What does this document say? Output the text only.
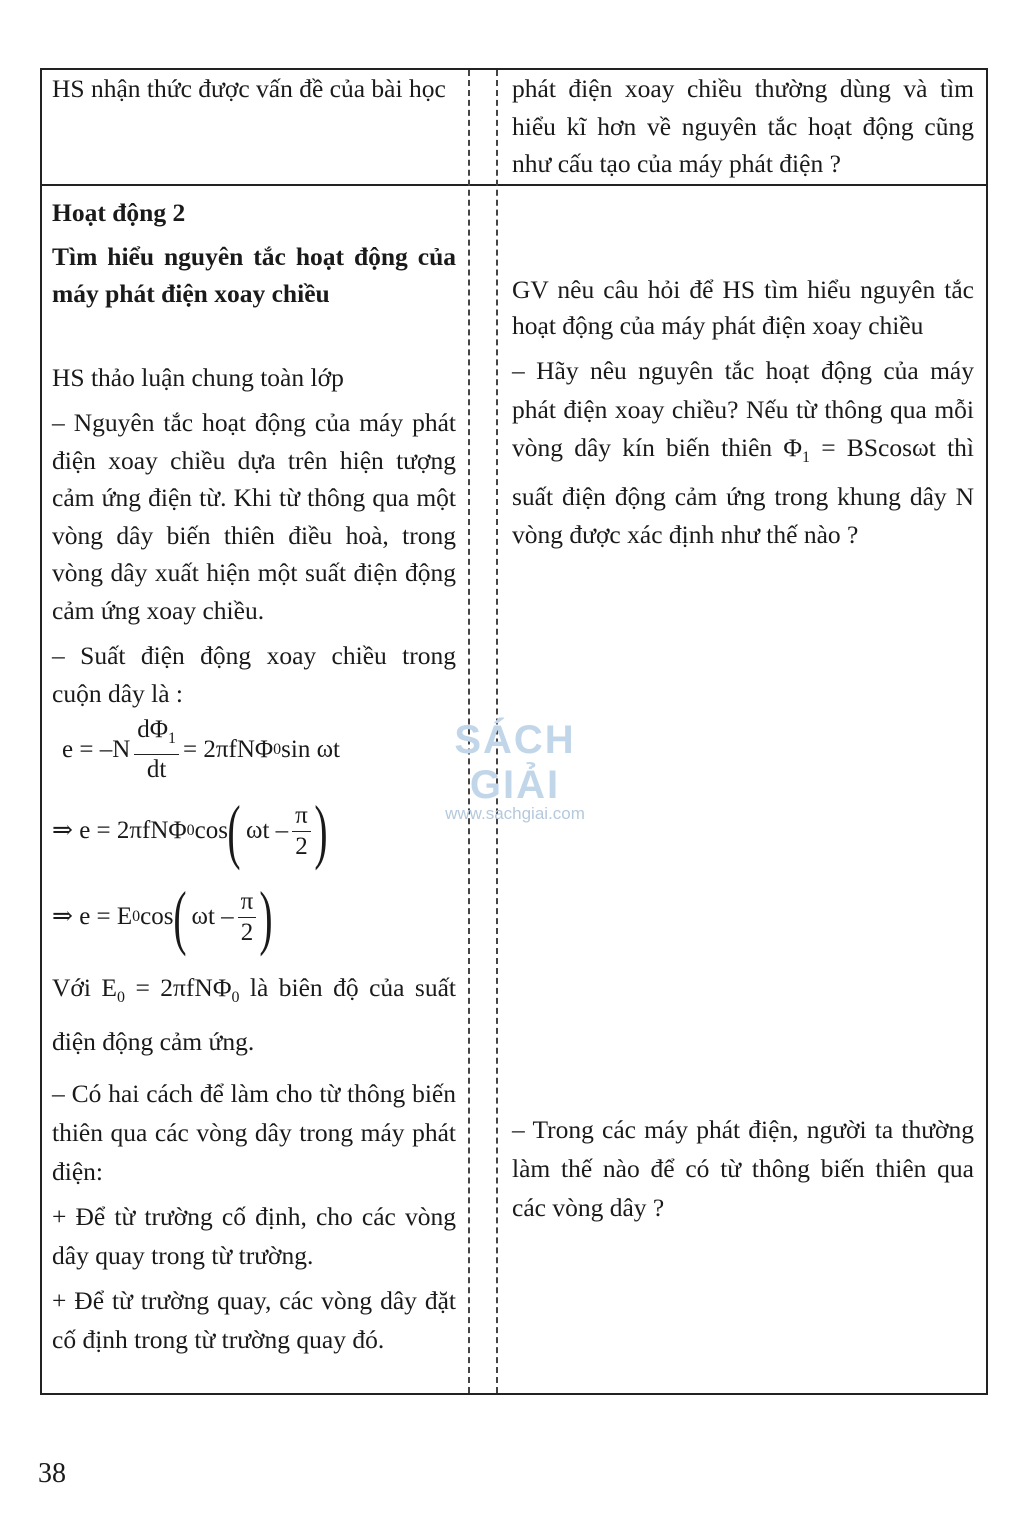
HS nhận thức được vấn đề của bài học	phát điện xoay chiều thường dùng và tìm hiểu kĩ hơn về nguyên tắc hoạt động cũng như cấu tạo của máy phát điện ?

Hoạt động 2

Tìm hiểu nguyên tắc hoạt động của máy phát điện xoay chiều

HS thảo luận chung toàn lớp

– Nguyên tắc hoạt động của máy phát điện xoay chiều dựa trên hiện tượng cảm ứng điện từ. Khi từ thông qua một vòng dây biến thiên điều hoà, trong vòng dây xuất hiện một suất điện động cảm ứng xoay chiều.

– Suất điện động xoay chiều trong cuộn dây là :

$e = -N \frac{d\Phi_1}{dt} = 2\pi fN\Phi$ 0 sin ωt
⇒ e = 2πfNΦ 0 cos ( ωt – $\frac{\pi}{2}$ )
⇒ e = E 0 cos ( ωt – $\frac{\pi}{2}$ )

Với $E_0 = 2\pi fN\Phi_0$ là biên độ của suất điện động cảm ứng.

– Có hai cách để làm cho từ thông biến thiên qua các vòng dây trong máy phát điện:

+ Để từ trường cố định, cho các vòng dây quay trong từ trường.

+ Để từ trường quay, các vòng dây đặt cố định trong từ trường quay đó.

GV nêu câu hỏi để HS tìm hiểu nguyên tắc hoạt động của máy phát điện xoay chiều

– Hãy nêu nguyên tắc hoạt động của máy phát điện xoay chiều? Nếu từ thông qua mỗi vòng dây kín biến thiên $\Phi_1 = BScos\omega t$ thì suất điện động cảm ứng trong khung dây N vòng được xác định như thế nào ?

– Trong các máy phát điện, người ta thường làm thế nào để có từ thông biến thiên qua các vòng dây ?

SÁCH GIẢI
www.sachgiai.com
38
